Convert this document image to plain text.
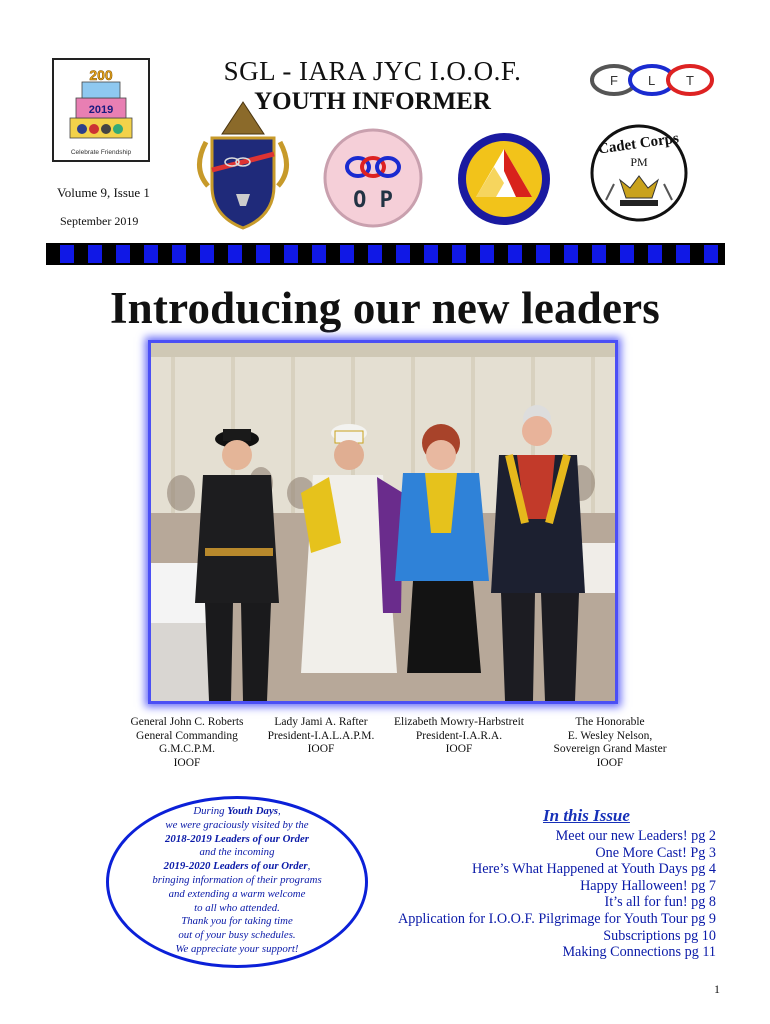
200
2019
Celebrate Friendship
SGL - IARA JYC I.O.O.F.
YOUTH INFORMER
F L T
O P
Cadet Corps
PM
Volume 9, Issue 1
September 2019
Introducing our new leaders
General John C. Roberts
General Commanding
G.M.C.P.M.
IOOF
Lady Jami A. Rafter
President-I.A.L.A.P.M.
IOOF
Elizabeth Mowry-Harbstreit
President-I.A.R.A.
IOOF
The Honorable
E. Wesley Nelson,
Sovereign Grand Master
IOOF
During Youth Days,
we were graciously visited by the
2018-2019 Leaders of our Order
and the incoming
2019-2020 Leaders of our Order,
bringing information of their programs
and extending a warm welcome
to all who attended.
Thank you for taking time
out of your busy schedules.
We appreciate your support!
In this Issue
Meet our new Leaders! pg 2
One More Cast! Pg 3
Here’s What Happened at Youth Days pg 4
Happy Halloween! pg 7
It’s all for fun! pg 8
Application for I.O.O.F. Pilgrimage for Youth Tour pg 9
Subscriptions pg 10
Making Connections pg 11
1
